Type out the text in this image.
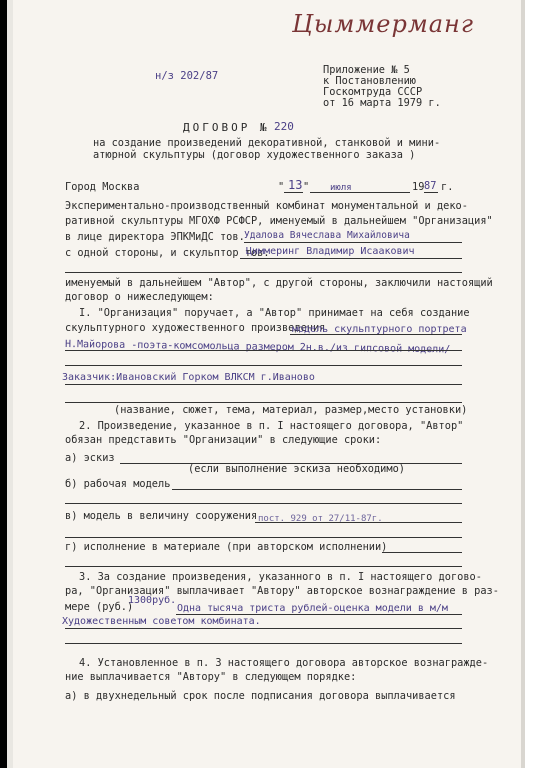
Цыммерманг
н/з 202/87	Приложение № 5
к Постановлению
Госкомтруда СССР
от 16 марта 1979 г.
ДОГОВОР № 220
на создание произведений декоративной, станковой и мини-
атюрной скульптуры (договор художественного заказа )
Город Москва	" 13 " июля	19 87 г.
Экспериментально-производственный комбинат монументальной и деко-
ративной скульптуры МГОХФ РСФСР, именуемый в дальнейшем "Организация"
в лице директора ЭПКМиДС тов. Удалова Вячеслава Михайловича
с одной стороны, и скульптор тов.
Циммеринг Владимир Исаакович
именуемый в дальнейшем "Автор", с другой стороны, заключили настоящий
договор о нижеследующем:
I. "Организация" поручает, а "Автор" принимает на себя создание
скульптурного художественного произведения
модель скульптурного портрета
Н.Майорова -поэта-комсомольца размером 2н.в./из гипсовой модели/
Заказчик:Ивановский Горком ВЛКСМ г.Иваново
(название, сюжет, тема, материал, размер,место установки)
2. Произведение, указанное в п. I настоящего договора, "Автор"
обязан представить "Организации" в следующие сроки:
а) эскиз
(если выполнение эскиза необходимо)
б) рабочая модель
в) модель в величину сооружения пост. 929 от 27/11-87г.
г) исполнение в материале (при авторском исполнении)
3. За создание произведения, указанного в п. I настоящего догово-
ра, "Организация" выплачивает "Автору" авторское вознаграждение в раз-
мере (руб.)
1300руб.
Одна тысяча триста рублей-оценка модели в м/м
Художественным советом комбината.
4. Установленное в п. 3 настоящего договора авторское вознагражде-
ние выплачивается "Автору" в следующем порядке:
а) в двухнедельный срок после подписания договора выплачивается
